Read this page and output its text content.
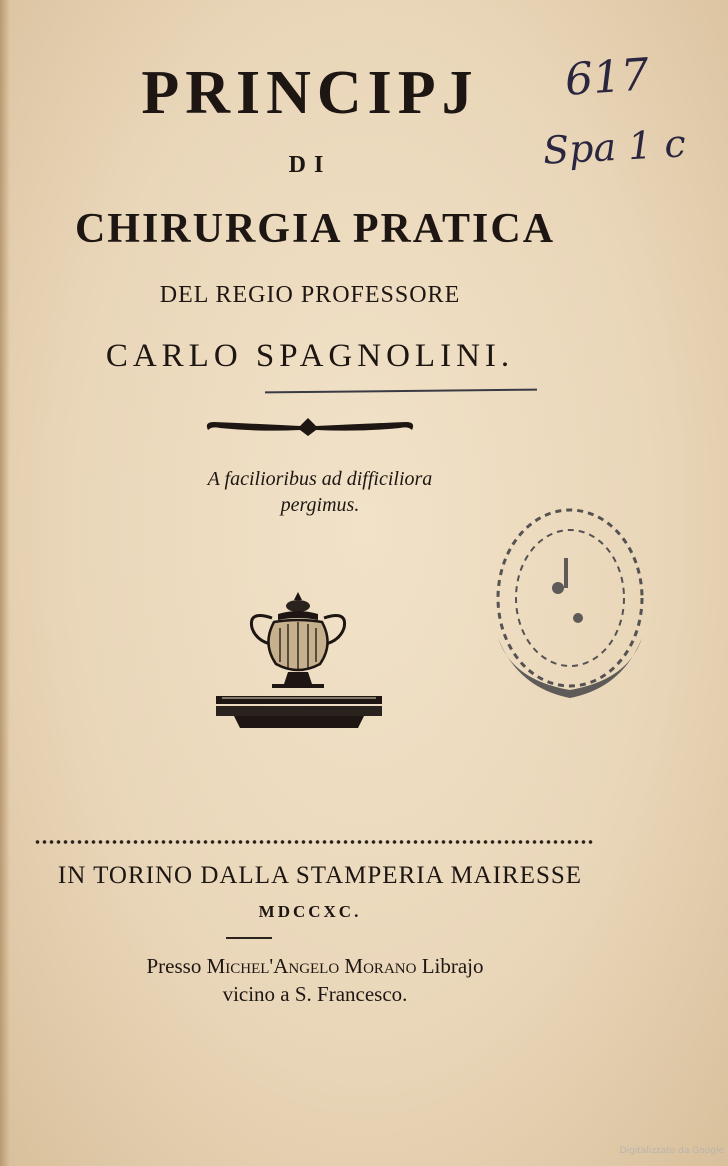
PRINCIPJ
DI
CHIRURGIA PRATICA
DEL REGIO PROFESSORE
CARLO SPAGNOLINI.
A facilioribus ad difficiliora
pergimus.
IN TORINO DALLA STAMPERIA MAIRESSE
MDCCXC.
Presso Michel'Angelo Morano Librajo
vicino a S. Francesco.
617
Spa 1 c
Digitalizzato da Google
